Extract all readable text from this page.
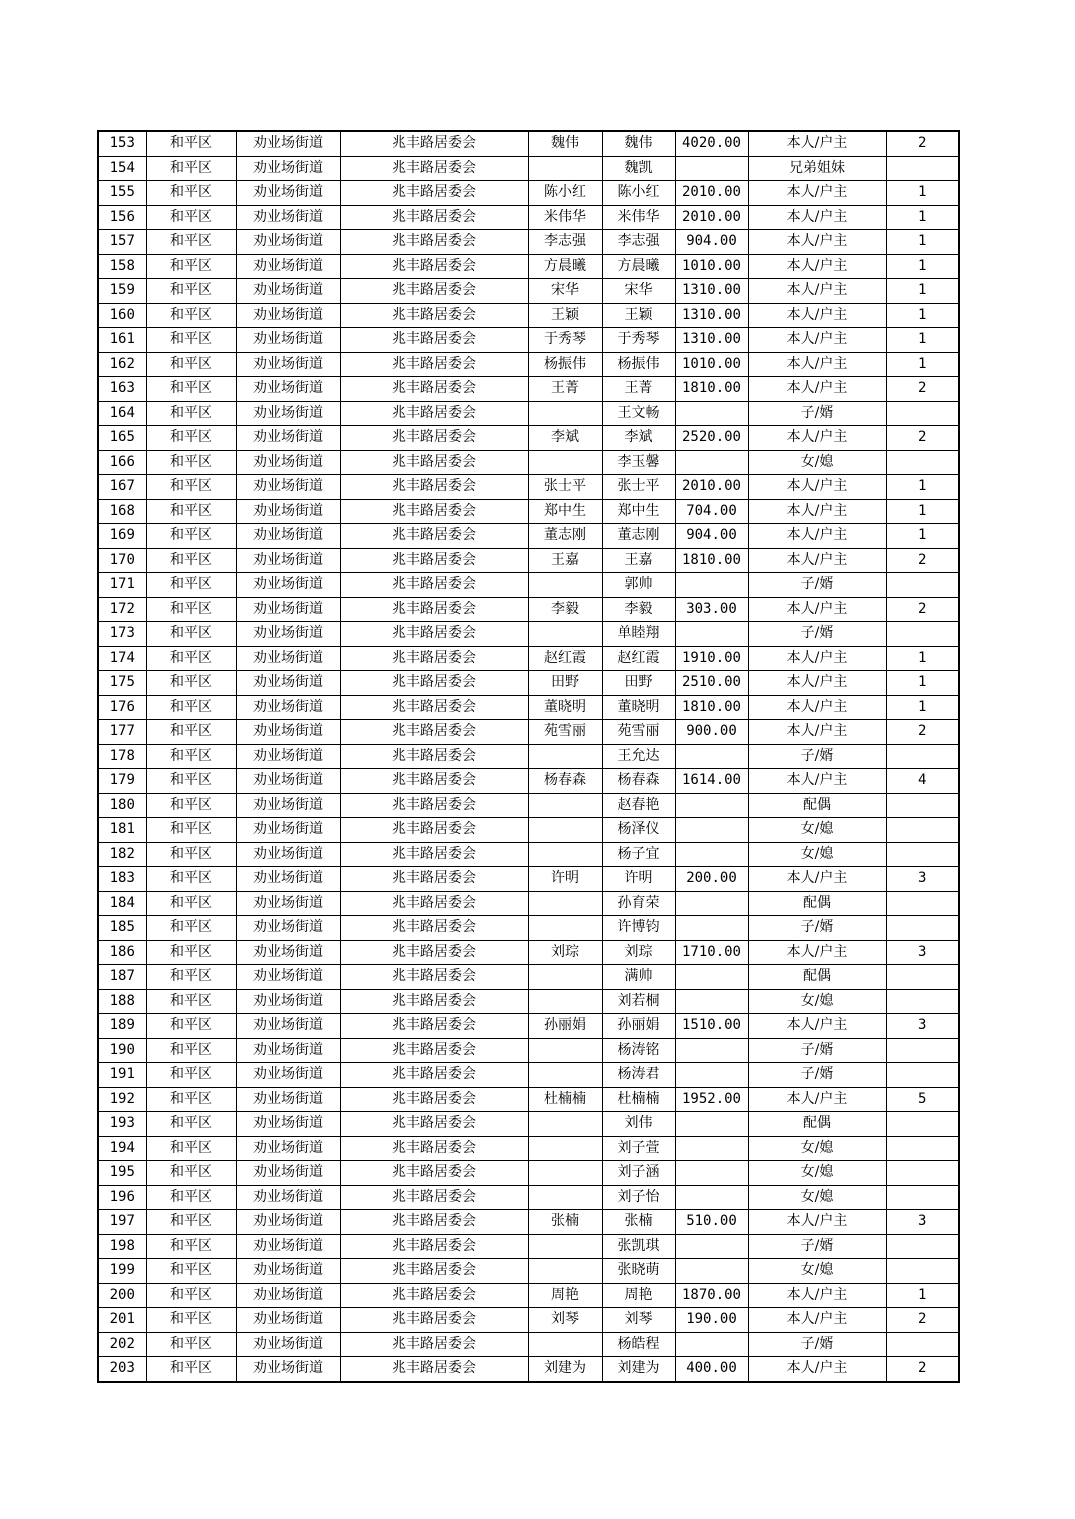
153	和平区	劝业场街道	兆丰路居委会	魏伟	魏伟	4020.00	本人/户主	2
154	和平区	劝业场街道	兆丰路居委会		魏凯		兄弟姐妹	
155	和平区	劝业场街道	兆丰路居委会	陈小红	陈小红	2010.00	本人/户主	1
156	和平区	劝业场街道	兆丰路居委会	米伟华	米伟华	2010.00	本人/户主	1
157	和平区	劝业场街道	兆丰路居委会	李志强	李志强	904.00	本人/户主	1
158	和平区	劝业场街道	兆丰路居委会	方晨曦	方晨曦	1010.00	本人/户主	1
159	和平区	劝业场街道	兆丰路居委会	宋华	宋华	1310.00	本人/户主	1
160	和平区	劝业场街道	兆丰路居委会	王颖	王颖	1310.00	本人/户主	1
161	和平区	劝业场街道	兆丰路居委会	于秀琴	于秀琴	1310.00	本人/户主	1
162	和平区	劝业场街道	兆丰路居委会	杨振伟	杨振伟	1010.00	本人/户主	1
163	和平区	劝业场街道	兆丰路居委会	王菁	王菁	1810.00	本人/户主	2
164	和平区	劝业场街道	兆丰路居委会		王文畅		子/婿	
165	和平区	劝业场街道	兆丰路居委会	李斌	李斌	2520.00	本人/户主	2
166	和平区	劝业场街道	兆丰路居委会		李玉馨		女/媳	
167	和平区	劝业场街道	兆丰路居委会	张士平	张士平	2010.00	本人/户主	1
168	和平区	劝业场街道	兆丰路居委会	郑中生	郑中生	704.00	本人/户主	1
169	和平区	劝业场街道	兆丰路居委会	董志刚	董志刚	904.00	本人/户主	1
170	和平区	劝业场街道	兆丰路居委会	王嘉	王嘉	1810.00	本人/户主	2
171	和平区	劝业场街道	兆丰路居委会		郭帅		子/婿	
172	和平区	劝业场街道	兆丰路居委会	李毅	李毅	303.00	本人/户主	2
173	和平区	劝业场街道	兆丰路居委会		单睦翔		子/婿	
174	和平区	劝业场街道	兆丰路居委会	赵红霞	赵红霞	1910.00	本人/户主	1
175	和平区	劝业场街道	兆丰路居委会	田野	田野	2510.00	本人/户主	1
176	和平区	劝业场街道	兆丰路居委会	董晓明	董晓明	1810.00	本人/户主	1
177	和平区	劝业场街道	兆丰路居委会	苑雪丽	苑雪丽	900.00	本人/户主	2
178	和平区	劝业场街道	兆丰路居委会		王允达		子/婿	
179	和平区	劝业场街道	兆丰路居委会	杨春森	杨春森	1614.00	本人/户主	4
180	和平区	劝业场街道	兆丰路居委会		赵春艳		配偶	
181	和平区	劝业场街道	兆丰路居委会		杨泽仪		女/媳	
182	和平区	劝业场街道	兆丰路居委会		杨子宜		女/媳	
183	和平区	劝业场街道	兆丰路居委会	许明	许明	200.00	本人/户主	3
184	和平区	劝业场街道	兆丰路居委会		孙育荣		配偶	
185	和平区	劝业场街道	兆丰路居委会		许博钧		子/婿	
186	和平区	劝业场街道	兆丰路居委会	刘琮	刘琮	1710.00	本人/户主	3
187	和平区	劝业场街道	兆丰路居委会		满帅		配偶	
188	和平区	劝业场街道	兆丰路居委会		刘若桐		女/媳	
189	和平区	劝业场街道	兆丰路居委会	孙丽娟	孙丽娟	1510.00	本人/户主	3
190	和平区	劝业场街道	兆丰路居委会		杨涛铭		子/婿	
191	和平区	劝业场街道	兆丰路居委会		杨涛君		子/婿	
192	和平区	劝业场街道	兆丰路居委会	杜楠楠	杜楠楠	1952.00	本人/户主	5
193	和平区	劝业场街道	兆丰路居委会		刘伟		配偶	
194	和平区	劝业场街道	兆丰路居委会		刘子萱		女/媳	
195	和平区	劝业场街道	兆丰路居委会		刘子涵		女/媳	
196	和平区	劝业场街道	兆丰路居委会		刘子怡		女/媳	
197	和平区	劝业场街道	兆丰路居委会	张楠	张楠	510.00	本人/户主	3
198	和平区	劝业场街道	兆丰路居委会		张凯琪		子/婿	
199	和平区	劝业场街道	兆丰路居委会		张晓萌		女/媳	
200	和平区	劝业场街道	兆丰路居委会	周艳	周艳	1870.00	本人/户主	1
201	和平区	劝业场街道	兆丰路居委会	刘琴	刘琴	190.00	本人/户主	2
202	和平区	劝业场街道	兆丰路居委会		杨皓程		子/婿	
203	和平区	劝业场街道	兆丰路居委会	刘建为	刘建为	400.00	本人/户主	2
